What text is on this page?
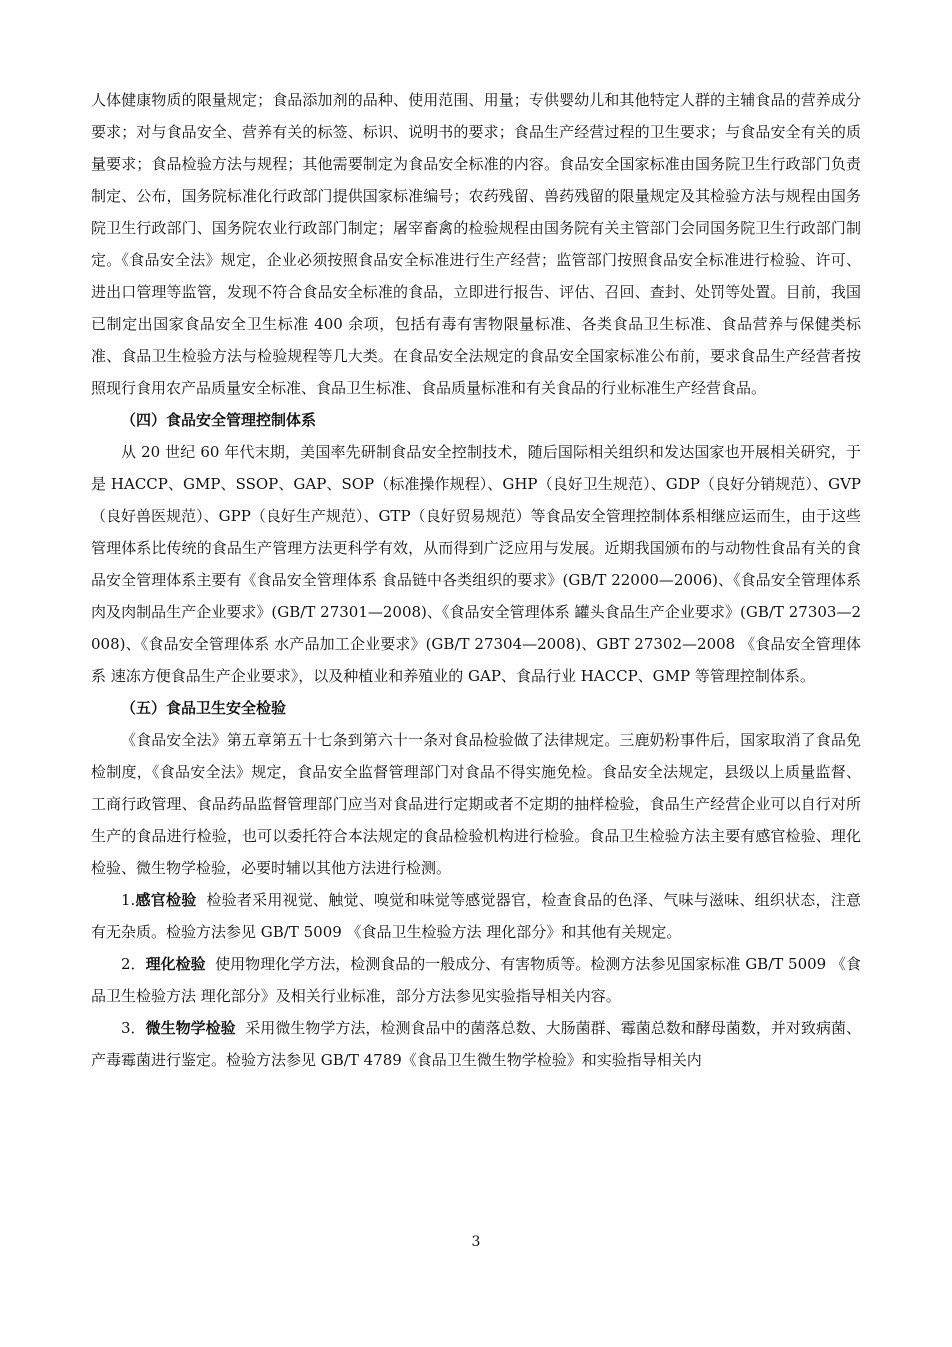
人体健康物质的限量规定；食品添加剂的品种、使用范围、用量；专供婴幼儿和其他特定人群的主辅食品的营养成分要求；对与食品安全、营养有关的标签、标识、说明书的要求；食品生产经营过程的卫生要求；与食品安全有关的质量要求；食品检验方法与规程；其他需要制定为食品安全标准的内容。食品安全国家标准由国务院卫生行政部门负责制定、公布，国务院标准化行政部门提供国家标准编号；农药残留、兽药残留的限量规定及其检验方法与规程由国务院卫生行政部门、国务院农业行政部门制定；屠宰畜禽的检验规程由国务院有关主管部门会同国务院卫生行政部门制定。《食品安全法》规定，企业必须按照食品安全标准进行生产经营；监管部门按照食品安全标准进行检验、许可、进出口管理等监管，发现不符合食品安全标准的食品，立即进行报告、评估、召回、查封、处罚等处置。目前，我国已制定出国家食品安全卫生标准 400 余项，包括有毒有害物限量标准、各类食品卫生标准、食品营养与保健类标准、食品卫生检验方法与检验规程等几大类。在食品安全法规定的食品安全国家标准公布前，要求食品生产经营者按照现行食用农产品质量安全标准、食品卫生标准、食品质量标准和有关食品的行业标准生产经营食品。

（四）食品安全管理控制体系

从 20 世纪 60 年代末期，美国率先研制食品安全控制技术，随后国际相关组织和发达国家也开展相关研究，于是 HACCP、GMP、SSOP、GAP、SOP（标准操作规程）、GHP（良好卫生规范）、GDP（良好分销规范）、GVP（良好兽医规范）、GPP（良好生产规范）、GTP（良好贸易规范）等食品安全管理控制体系相继应运而生，由于这些管理体系比传统的食品生产管理方法更科学有效，从而得到广泛应用与发展。近期我国颁布的与动物性食品有关的食品安全管理体系主要有《食品安全管理体系 食品链中各类组织的要求》(GB/T 22000—2006)、《食品安全管理体系 肉及肉制品生产企业要求》(GB/T 27301—2008)、《食品安全管理体系 罐头食品生产企业要求》(GB/T 27303—2008)、《食品安全管理体系 水产品加工企业要求》(GB/T 27304—2008)、GBT 27302—2008 《食品安全管理体系 速冻方便食品生产企业要求》，以及种植业和养殖业的 GAP、食品行业 HACCP、GMP 等管理控制体系。

（五）食品卫生安全检验

《食品安全法》第五章第五十七条到第六十一条对食品检验做了法律规定。三鹿奶粉事件后，国家取消了食品免检制度，《食品安全法》规定，食品安全监督管理部门对食品不得实施免检。食品安全法规定，县级以上质量监督、工商行政管理、食品药品监督管理部门应当对食品进行定期或者不定期的抽样检验，食品生产经营企业可以自行对所生产的食品进行检验，也可以委托符合本法规定的食品检验机构进行检验。食品卫生检验方法主要有感官检验、理化检验、微生物学检验，必要时辅以其他方法进行检测。

1.感官检验 检验者采用视觉、触觉、嗅觉和味觉等感觉器官，检查食品的色泽、气味与滋味、组织状态，注意有无杂质。检验方法参见 GB/T 5009 《食品卫生检验方法 理化部分》和其他有关规定。

2．理化检验 使用物理化学方法，检测食品的一般成分、有害物质等。检测方法参见国家标准 GB/T 5009 《食品卫生检验方法 理化部分》及相关行业标准，部分方法参见实验指导相关内容。

3．微生物学检验 采用微生物学方法，检测食品中的菌落总数、大肠菌群、霉菌总数和酵母菌数，并对致病菌、产毒霉菌进行鉴定。检验方法参见 GB/T 4789《食品卫生微生物学检验》和实验指导相关内

3
